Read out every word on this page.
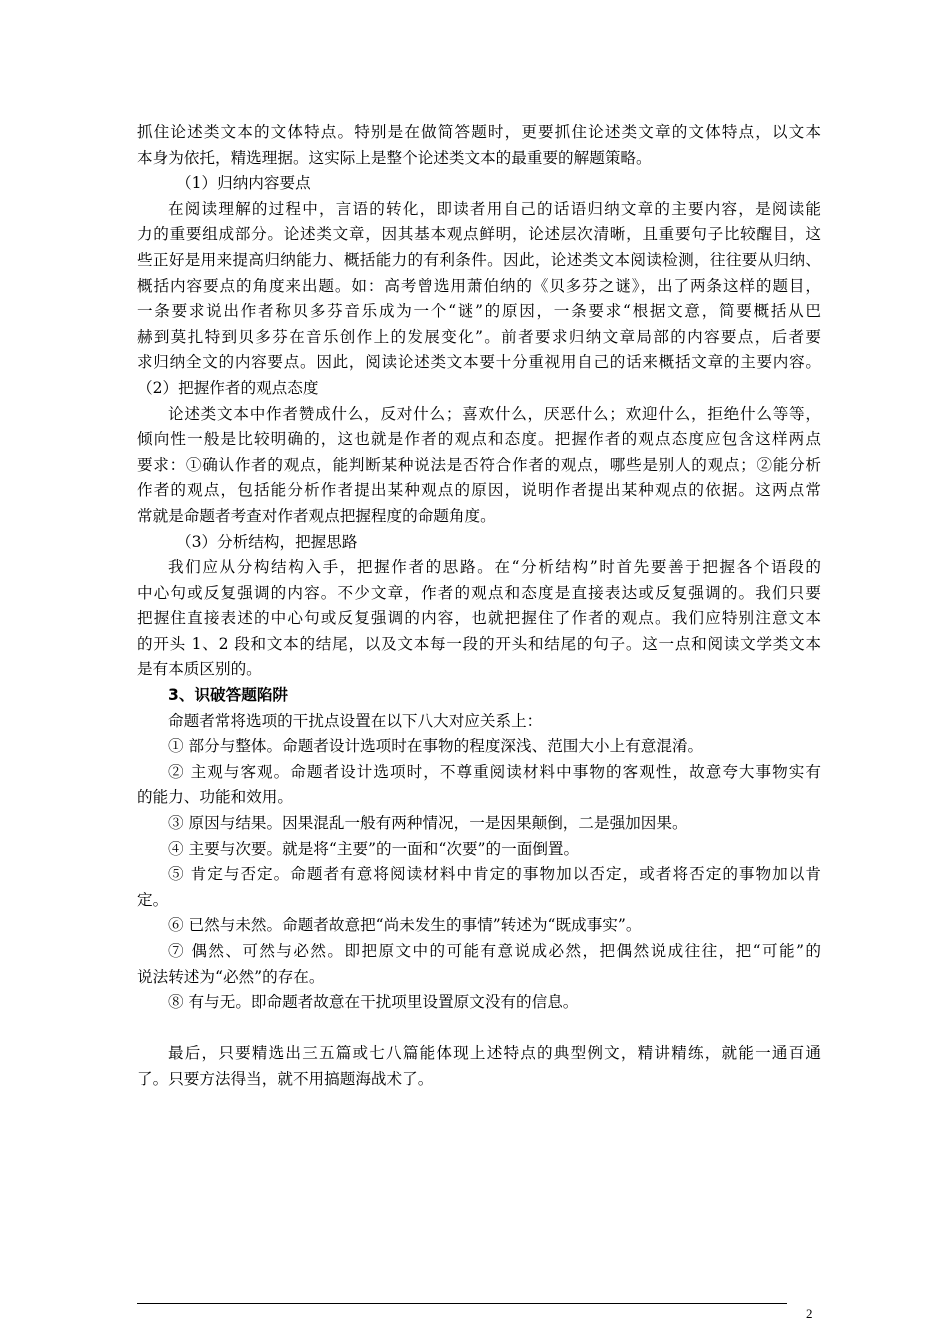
抓住论述类文本的文体特点。特别是在做简答题时，更要抓住论述类文章的文体特点，以文本
本身为依托，精选理据。这实际上是整个论述类文本的最重要的解题策略。
（1）归纳内容要点
在阅读理解的过程中，言语的转化，即读者用自己的话语归纳文章的主要内容，是阅读能
力的重要组成部分。论述类文章，因其基本观点鲜明，论述层次清晰，且重要句子比较醒目，这
些正好是用来提高归纳能力、概括能力的有利条件。因此，论述类文本阅读检测，往往要从归纳、
概括内容要点的角度来出题。如：高考曾选用萧伯纳的《贝多芬之谜》，出了两条这样的题目，
一条要求说出作者称贝多芬音乐成为一个“谜”的原因，一条要求“根据文意，简要概括从巴
赫到莫扎特到贝多芬在音乐创作上的发展变化”。前者要求归纳文章局部的内容要点，后者要
求归纳全文的内容要点。因此，阅读论述类文本要十分重视用自己的话来概括文章的主要内容。
（2）把握作者的观点态度
论述类文本中作者赞成什么，反对什么；喜欢什么，厌恶什么；欢迎什么，拒绝什么等等，
倾向性一般是比较明确的，这也就是作者的观点和态度。把握作者的观点态度应包含这样两点
要求：①确认作者的观点，能判断某种说法是否符合作者的观点，哪些是别人的观点；②能分析
作者的观点，包括能分析作者提出某种观点的原因，说明作者提出某种观点的依据。这两点常
常就是命题者考查对作者观点把握程度的命题角度。
（3）分析结构，把握思路
我们应从分构结构入手，把握作者的思路。在“分析结构”时首先要善于把握各个语段的
中心句或反复强调的内容。不少文章，作者的观点和态度是直接表达或反复强调的。我们只要
把握住直接表述的中心句或反复强调的内容，也就把握住了作者的观点。我们应特别注意文本
的开头 1、2 段和文本的结尾，以及文本每一段的开头和结尾的句子。这一点和阅读文学类文本
是有本质区别的。
3、识破答题陷阱
命题者常将选项的干扰点设置在以下八大对应关系上：
① 部分与整体。命题者设计选项时在事物的程度深浅、范围大小上有意混淆。
② 主观与客观。命题者设计选项时，不尊重阅读材料中事物的客观性，故意夸大事物实有
的能力、功能和效用。
③ 原因与结果。因果混乱一般有两种情况，一是因果颠倒，二是强加因果。
④ 主要与次要。就是将“主要”的一面和“次要”的一面倒置。
⑤ 肯定与否定。命题者有意将阅读材料中肯定的事物加以否定，或者将否定的事物加以肯
定。
⑥ 已然与未然。命题者故意把“尚未发生的事情”转述为“既成事实”。
⑦ 偶然、可然与必然。即把原文中的可能有意说成必然，把偶然说成往往，把“可能”的
说法转述为“必然”的存在。
⑧ 有与无。即命题者故意在干扰项里设置原文没有的信息。
最后，只要精选出三五篇或七八篇能体现上述特点的典型例文，精讲精练，就能一通百通
了。只要方法得当，就不用搞题海战术了。
2
